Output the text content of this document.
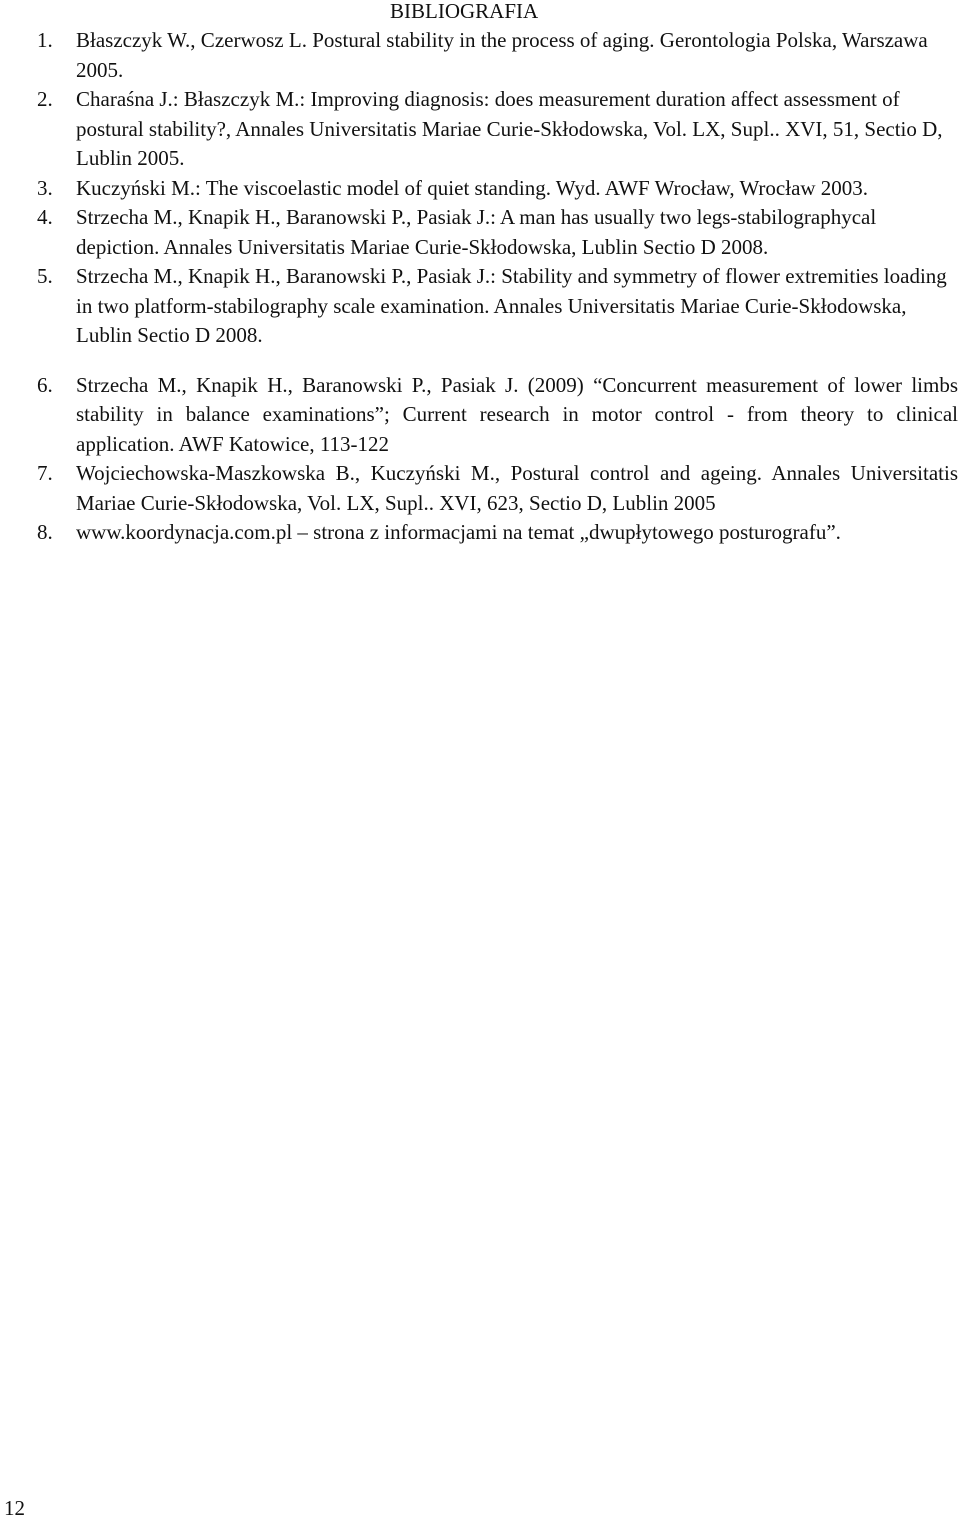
BIBLIOGRAFIA
1. Błaszczyk W., Czerwosz L. Postural stability in the process of aging. Gerontologia Polska, Warszawa 2005.
2. Charaśna J.: Błaszczyk M.: Improving diagnosis: does measurement duration affect assessment of postural stability?, Annales Universitatis Mariae Curie-Skłodowska, Vol. LX, Supl.. XVI, 51, Sectio D, Lublin 2005.
3. Kuczyński M.: The viscoelastic model of quiet standing. Wyd. AWF Wrocław, Wrocław 2003.
4. Strzecha M., Knapik H., Baranowski P., Pasiak J.: A man has usually two legs-stabilographycal depiction. Annales Universitatis Mariae Curie-Skłodowska, Lublin Sectio D 2008.
5. Strzecha M., Knapik H., Baranowski P., Pasiak J.: Stability and symmetry of flower extremities loading in two platform-stabilography scale examination. Annales Universitatis Mariae Curie-Skłodowska, Lublin Sectio D 2008.
6. Strzecha M., Knapik H., Baranowski P., Pasiak J. (2009) “Concurrent measurement of lower limbs stability in balance examinations”; Current research in motor control - from theory to clinical application. AWF Katowice, 113-122
7. Wojciechowska-Maszkowska B., Kuczyński M., Postural control and ageing. Annales Universitatis Mariae Curie-Skłodowska, Vol. LX, Supl.. XVI, 623, Sectio D, Lublin 2005
8. www.koordynacja.com.pl – strona z informacjami na temat „dwupłytowego posturografu”.
12
